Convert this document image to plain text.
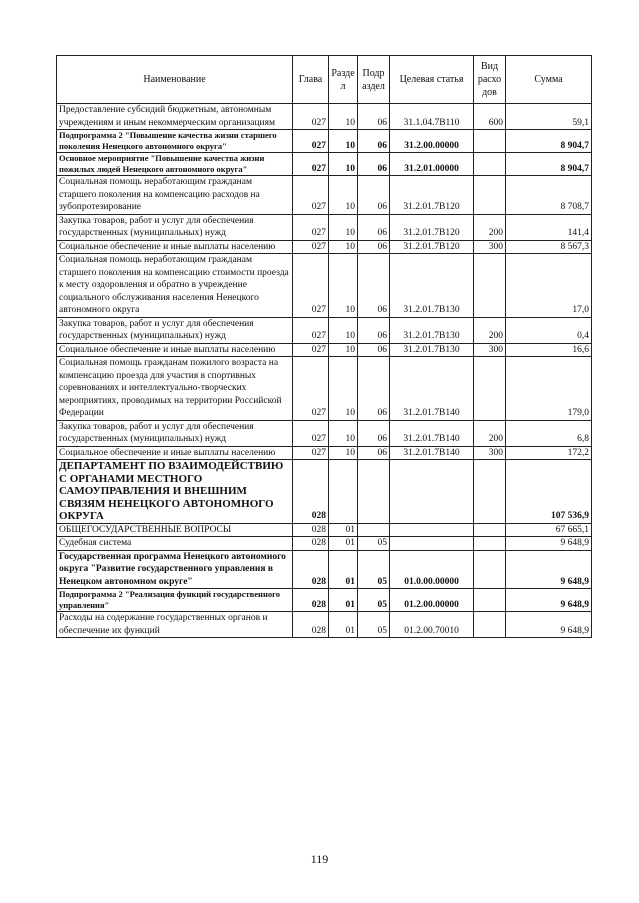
Наименование	Глава	Разде л	Подр аздел	Целевая статья	Вид расхо дов	Сумма
Предоставление субсидий бюджетным, автономным учреждениям и иным некоммерческим организациям	027	10	06	31.1.04.7В110	600	59,1
Подпрограмма 2 "Повышение качества жизни старшего поколения Ненецкого автономного округа"	027	10	06	31.2.00.00000		8 904,7
Основное мероприятие "Повышение качества жизни пожилых людей Ненецкого автономного округа"	027	10	06	31.2.01.00000		8 904,7
Социальная помощь неработающим гражданам старшего поколения на компенсацию расходов на зубопротезирование	027	10	06	31.2.01.7В120		8 708,7
Закупка товаров, работ и услуг для обеспечения государственных (муниципальных) нужд	027	10	06	31.2.01.7В120	200	141,4
Социальное обеспечение и иные выплаты населению	027	10	06	31.2.01.7В120	300	8 567,3
Социальная помощь неработающим гражданам старшего поколения на компенсацию стоимости проезда к месту оздоровления и обратно в учреждение социального обслуживания населения Ненецкого автономного округа	027	10	06	31.2.01.7В130		17,0
Закупка товаров, работ и услуг для обеспечения государственных (муниципальных) нужд	027	10	06	31.2.01.7В130	200	0,4
Социальное обеспечение и иные выплаты населению	027	10	06	31.2.01.7В130	300	16,6
Социальная помощь гражданам пожилого возраста на компенсацию проезда для участия в спортивных соревнованиях и интеллектуально-творческих мероприятиях, проводимых на территории Российской Федерации	027	10	06	31.2.01.7В140		179,0
Закупка товаров, работ и услуг для обеспечения государственных (муниципальных) нужд	027	10	06	31.2.01.7В140	200	6,8
Социальное обеспечение и иные выплаты населению	027	10	06	31.2.01.7В140	300	172,2
ДЕПАРТАМЕНТ ПО ВЗАИМОДЕЙСТВИЮ С ОРГАНАМИ МЕСТНОГО САМОУПРАВЛЕНИЯ И ВНЕШНИМ СВЯЗЯМ НЕНЕЦКОГО АВТОНОМНОГО ОКРУГА	028					107 536,9
ОБЩЕГОСУДАРСТВЕННЫЕ ВОПРОСЫ	028	01				67 665,1
Судебная система	028	01	05			9 648,9
Государственная программа Ненецкого автономного округа "Развитие государственного управления в Ненецком автономном округе"	028	01	05	01.0.00.00000		9 648,9
Подпрограмма 2 "Реализация функций государственного управления"	028	01	05	01.2.00.00000		9 648,9
Расходы на содержание государственных органов и обеспечение их функций	028	01	05	01.2.00.70010		9 648,9
119
